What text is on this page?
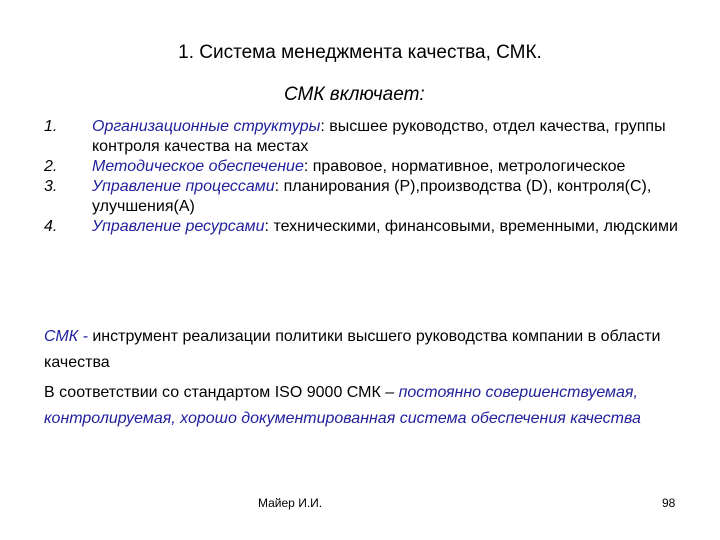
1. Система менеджмента качества, СМК.
СМК включает:
1. Организационные структуры: высшее руководство, отдел качества, группы контроля качества на местах
2. Методическое обеспечение: правовое, нормативное, метрологическое
3. Управление процессами: планирования (P),производства (D), контроля(C), улучшения(A)
4. Управление ресурсами: техническими, финансовыми, временными, людскими
СМК - инструмент реализации политики высшего руководства компании в области качества
В соответствии со стандартом ISO 9000 СМК – постоянно совершенствуемая, контролируемая, хорошо документированная система обеспечения качества
Майер И.И.	98
